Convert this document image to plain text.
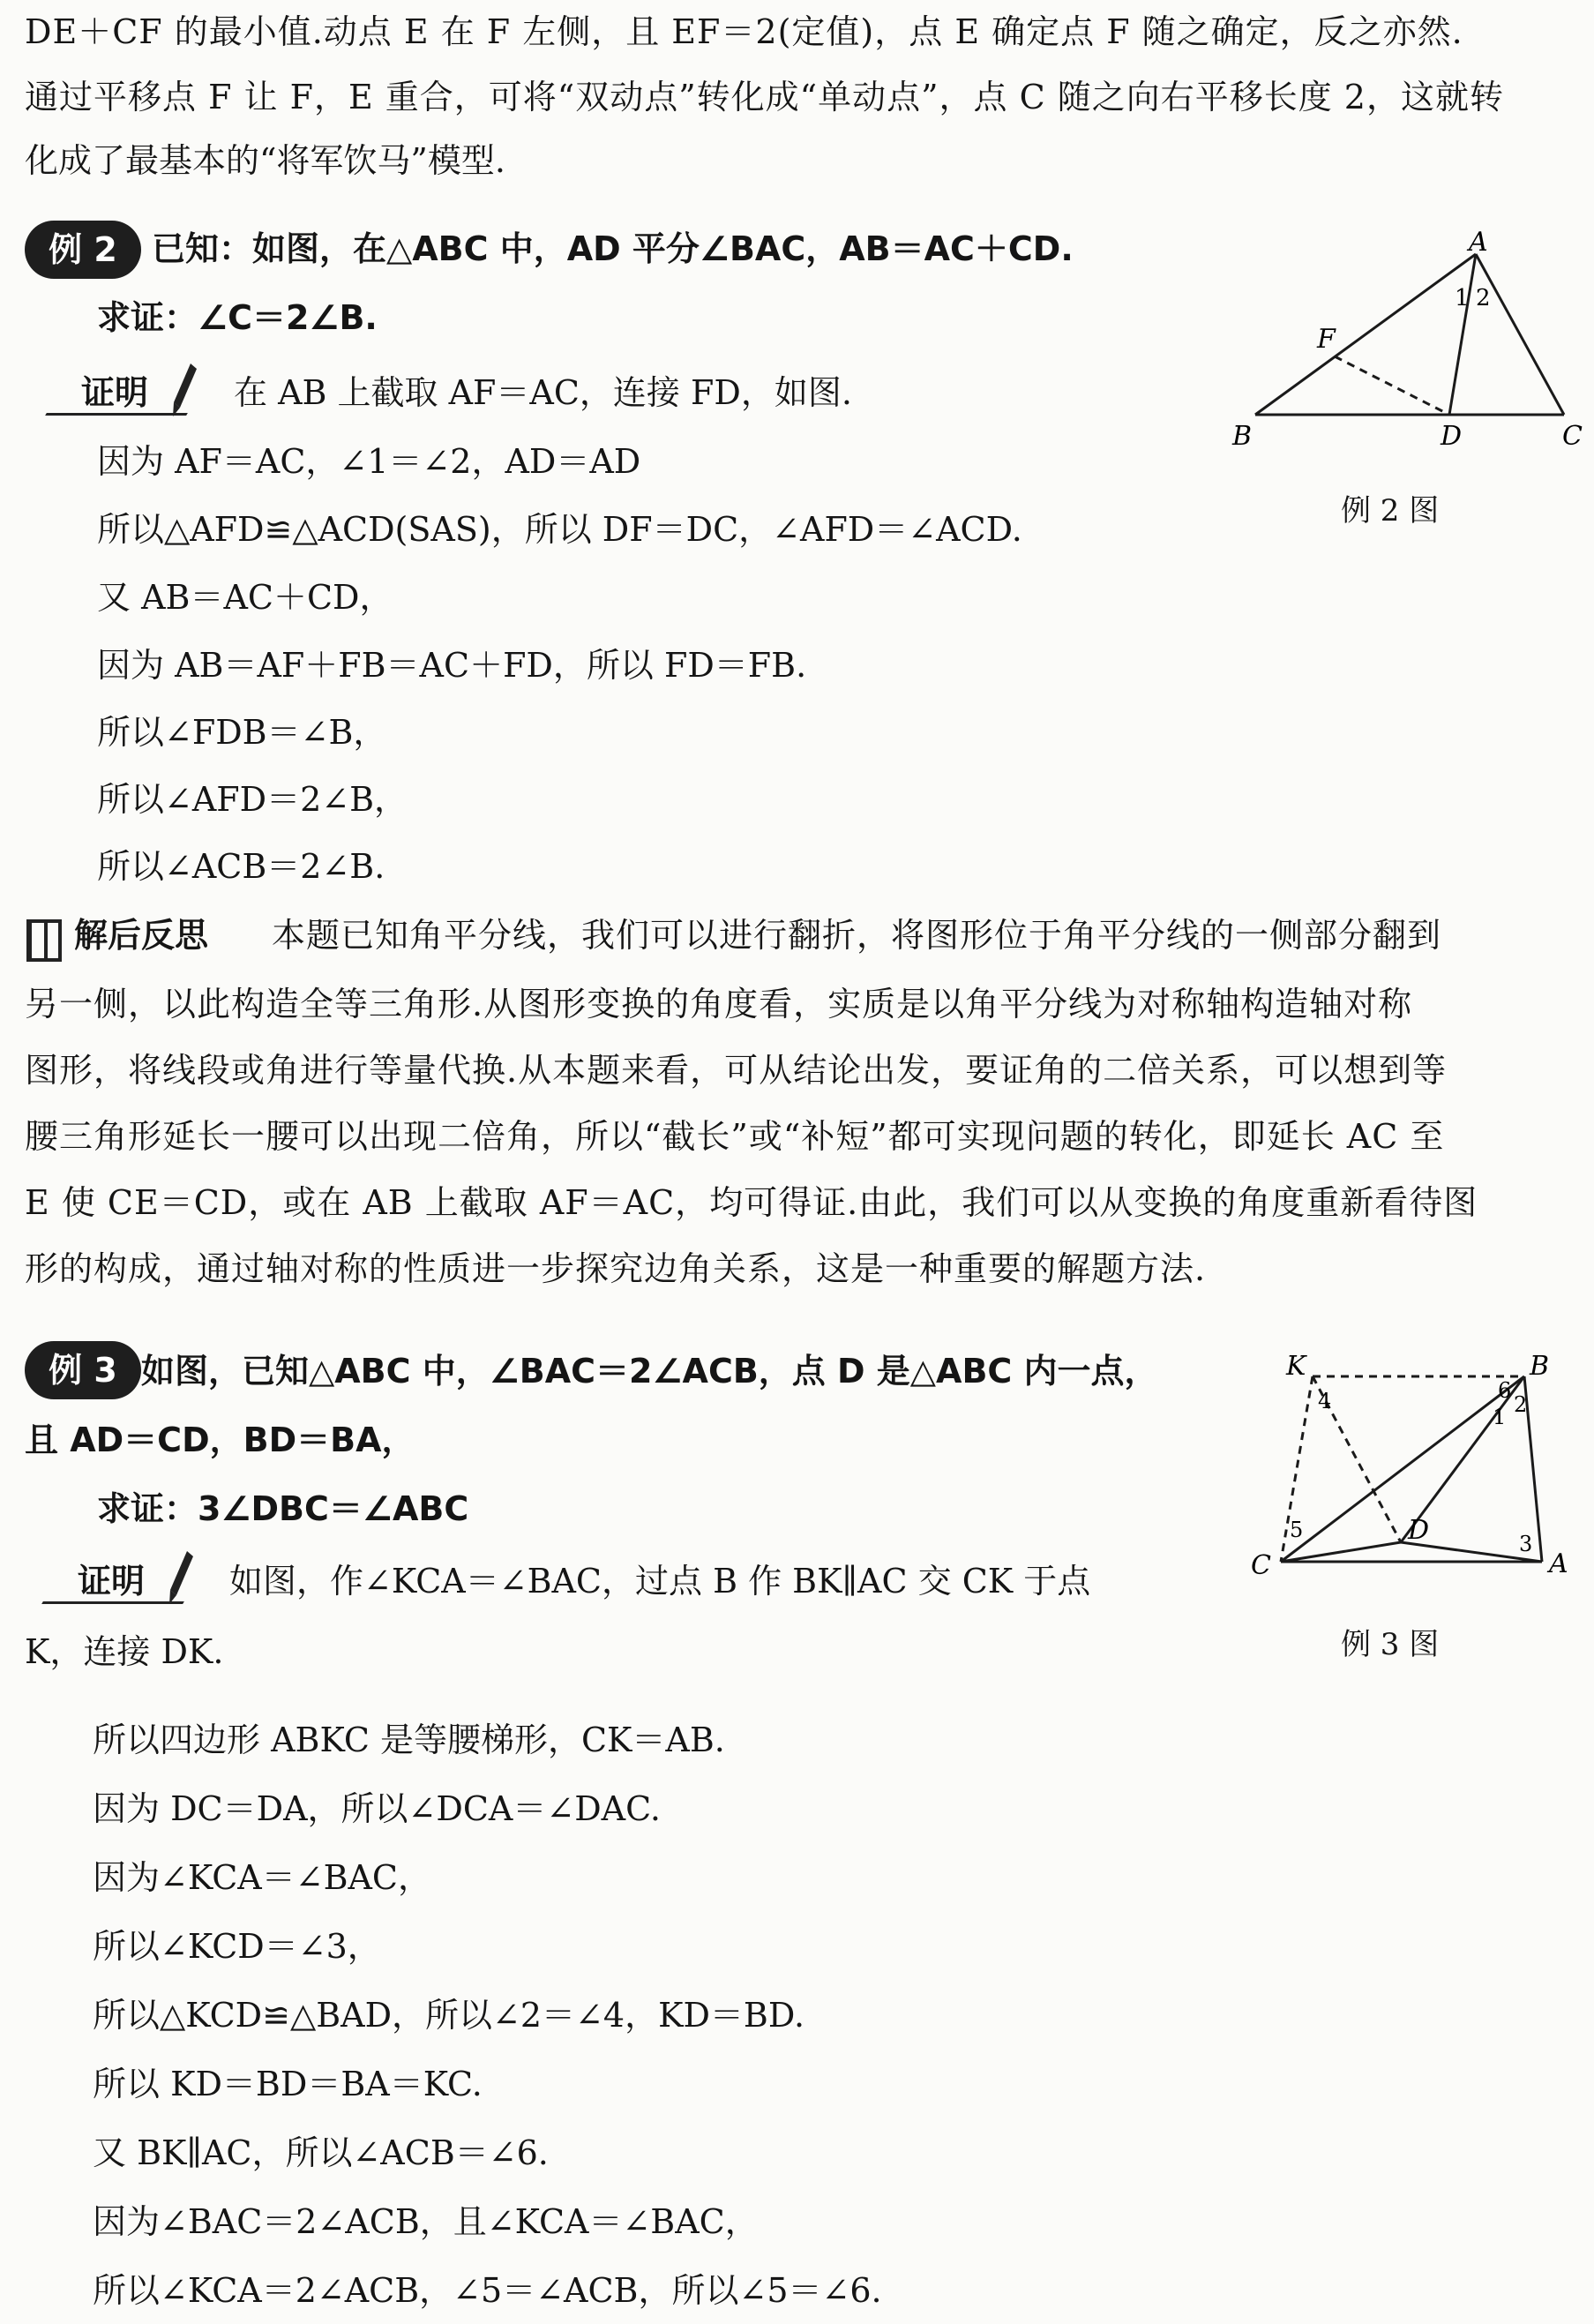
DE＋CF 的最小值.动点 E 在 F 左侧，且 EF＝2(定值)，点 E 确定点 F 随之确定，反之亦然.
通过平移点 F 让 F，E 重合，可将“双动点”转化成“单动点”，点 C 随之向右平移长度 2，这就转
化成了最基本的“将军饮马”模型.
例 2	已知：如图，在△ABC 中，AD 平分∠BAC，AB＝AC＋CD.
求证：∠C＝2∠B.
证明	在 AB 上截取 AF＝AC，连接 FD，如图.
因为 AF＝AC，∠1＝∠2，AD＝AD
所以△AFD≌△ACD(SAS)，所以 DF＝DC，∠AFD＝∠ACD.
又 AB＝AC＋CD，
因为 AB＝AF＋FB＝AC＋FD，所以 FD＝FB.
所以∠FDB＝∠B，
所以∠AFD＝2∠B，
所以∠ACB＝2∠B.
A
B	C
D
F
1 2
例 2 图
解后反思 本题已知角平分线，我们可以进行翻折，将图形位于角平分线的一侧部分翻到
另一侧，以此构造全等三角形.从图形变换的角度看，实质是以角平分线为对称轴构造轴对称
图形，将线段或角进行等量代换.从本题来看，可从结论出发，要证角的二倍关系，可以想到等
腰三角形延长一腰可以出现二倍角，所以“截长”或“补短”都可实现问题的转化，即延长 AC 至
E 使 CE＝CD，或在 AB 上截取 AF＝AC，均可得证.由此，我们可以从变换的角度重新看待图
形的构成，通过轴对称的性质进一步探究边角关系，这是一种重要的解题方法.
例 3 如图，已知△ABC 中，∠BAC＝2∠ACB，点 D 是△ABC 内一点，
且 AD＝CD，BD＝BA，
求证：3∠DBC＝∠ABC
证明	如图，作∠KCA＝∠BAC，过点 B 作 BK∥AC 交 CK 于点
K，连接 DK.
所以四边形 ABKC 是等腰梯形，CK＝AB.
因为 DC＝DA，所以∠DCA＝∠DAC.
因为∠KCA＝∠BAC，
所以∠KCD＝∠3，
所以△KCD≌△BAD，所以∠2＝∠4，KD＝BD.
所以 KD＝BD＝BA＝KC.
又 BK∥AC，所以∠ACB＝∠6.
因为∠BAC＝2∠ACB，且∠KCA＝∠BAC，
所以∠KCA＝2∠ACB，∠5＝∠ACB，所以∠5＝∠6.
K	B
C	A
D
1 2
3
4
5
6
例 3 图
